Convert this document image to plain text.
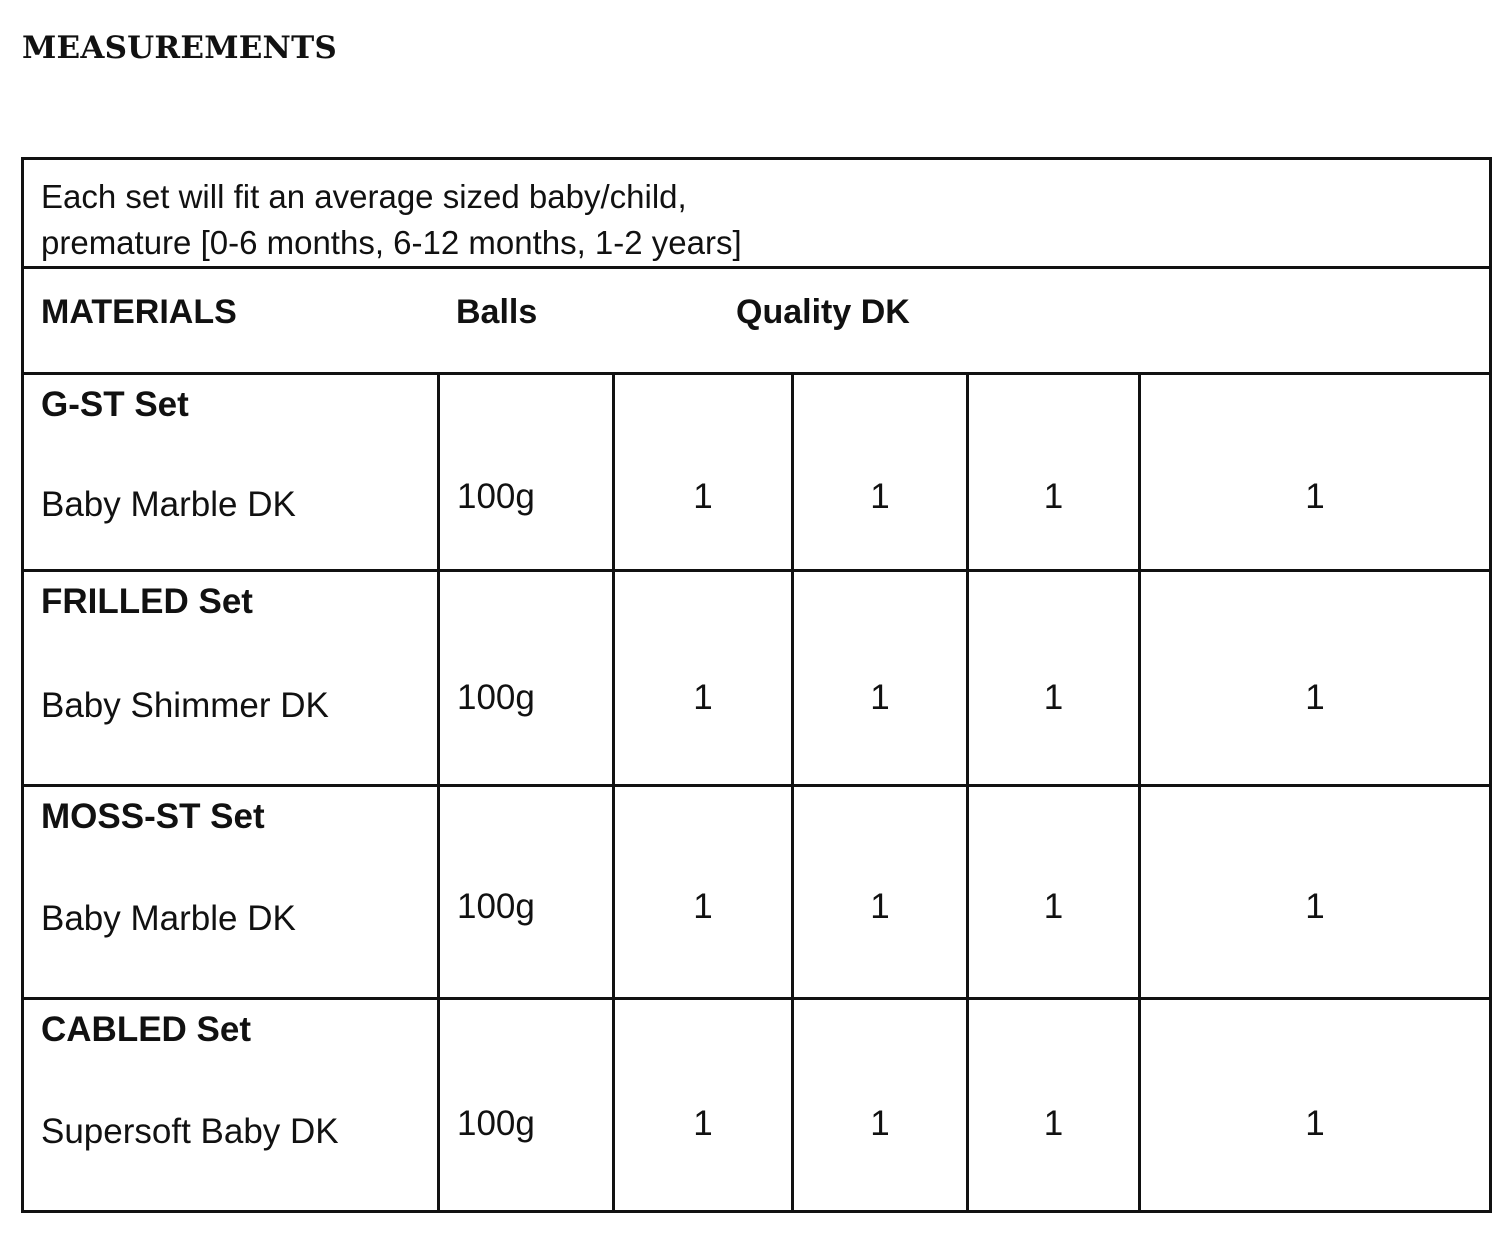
MEASUREMENTS
Each set will fit an average sized baby/child,
premature [0-6 months, 6-12 months, 1-2 years]					

MATERIALS Balls Quality DK					

G-ST Set
Baby Marble DK	100g	1	1	1	1

FRILLED Set
Baby Shimmer DK	100g	1	1	1	1

MOSS-ST Set
Baby Marble DK	100g	1	1	1	1

CABLED Set
Supersoft Baby DK	100g	1	1	1	1
